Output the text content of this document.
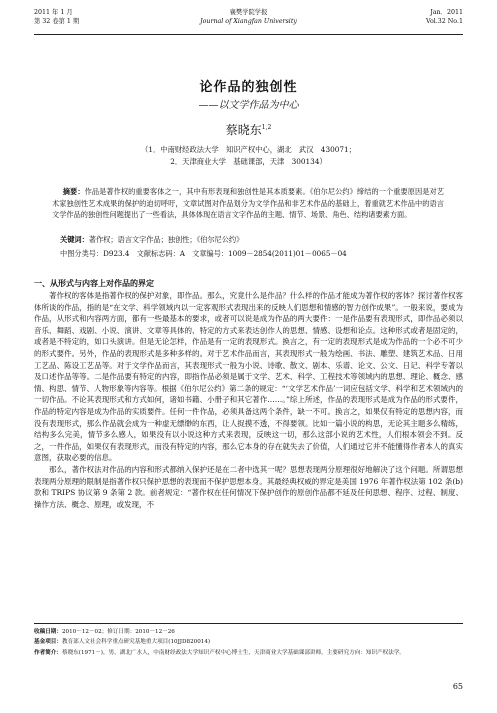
2011 年 1 月
第 32 卷第 1 期
襄樊学院学报
Journal of Xiangfan University
Jan．2011
Vol.32 No.1
论作品的独创性
——以文学作品为中心
蔡晓东$^{1,2}$
（1．中南财经政法大学　知识产权中心，湖北　武汉　430071；
2．天津商业大学　基础课部，天津　300134）
摘要：作品是著作权的重要客体之一，其中有形表现和独创性是其本质要素。《伯尔尼公约》缔结的一个重要原因是对艺术家独创性艺术成果的保护的迫切呼吁，文章试图对作品划分为文学作品和非艺术作品的基础上，着重就艺术作品中的语言文学作品的独创性问题提出了一些看法，具体体现在语言文字作品的主题、情节、场景、角色、结构诸要素方面。
关键词：著作权；语言文字作品；独创性；《伯尔尼公约》
中图分类号：D923.4　文献标志码：A　文章编号：1009－2854(2011)01－0065－04
一、从形式与内容上对作品的界定

著作权的客体是指著作权的保护对象，即作品。那么，究竟什么是作品？什么样的作品才能成为著作权的客体？探讨著作权客体所谈的作品，指的是“在文学、科学领域内以一定客观形式表现出来的反映人们思想和情感的智力创作成果”。一般来说，要成为作品，从形式和内容两方面，都有一些最基本的要求，或者可以说是成为作品的两大要件：一是作品要有表现形式，即作品必须以音乐、舞蹈、戏剧、小说、演讲、文章等具体的、特定的方式来表达创作人的思想、情感、设想和论点。这种形式或者是固定的，或者是不特定的，如口头演讲。但是无论怎样，作品是有一定的表现形式。换言之，有一定的表现形式是成为作品的一个必不可少的形式要件。另外，作品的表现形式是多种多样的。对于艺术作品而言，其表现形式一般为绘画、书法、雕塑、建筑艺术品、日用工艺品、陈设工艺品等。对于文学作品而言，其表现形式一般为小说、诗歌、散文、剧本、乐谱、论文、公文、日记、科学专著以及口述作品等等。二是作品要有特定的内容，即指作品必须是属于文学、艺术、科学、工程技术等领域内的思想、理论、概念、感情、构思、情节、人物形象等内容等。根据《伯尔尼公约》第二条的规定：“‘文学艺术作品’一词应包括文学、科学和艺术领域内的一切作品。不论其表现形式和方式如何，诸如书籍、小册子和其它著作……。”综上所述，作品的表现形式是成为作品的形式要件，作品的特定内容是成为作品的实质要件。任何一件作品，必须具备这两个条件，缺一不可。换言之，如果仅有特定的思想内容，而没有表现形式，那么作品就会成为一种虚无缥缈的东西，让人捉摸不透，不得要领。比如一篇小说的构思，无论其主题多么精练，结构多么完美，情节多么感人，如果没有以小说这种方式来表现，反映这一切，那么这部小说的艺术性，人们根本领会不到。反之，一件作品，如果仅有表现形式，而没有特定的内容，那么它本身的存在就失去了价值，人们通过它并不能懂得作者本人的真实意图，获取必要的信息。

那么，著作权法对作品的内容和形式都纳入保护还是在二者中选其一呢？思想表现两分原理很好地解决了这个问题。所谓思想表现两分原理的限制是指著作权只保护思想的表现而不保护思想本身。其最经典权威的界定是美国 1976 年著作权法第 102 条(b)款和 TRIPS 协议第 9 条第 2 款。前者规定：“著作权在任何情况下保护创作的原创作品都不延及任何思想、程序、过程、制度、操作方法、概念、原理，或发现，不

收稿日期：2010－12－02；修订日期：2010－12－26
基金项目：教育部人文社会科学重点研究基地重大项目(10JJD820014)
作者简介：蔡晓东(1971－)，男，湖北广水人，中南财经政法大学知识产权中心博士生，天津商业大学基础课部讲师，主要研究方向：知识产权法学。
65
